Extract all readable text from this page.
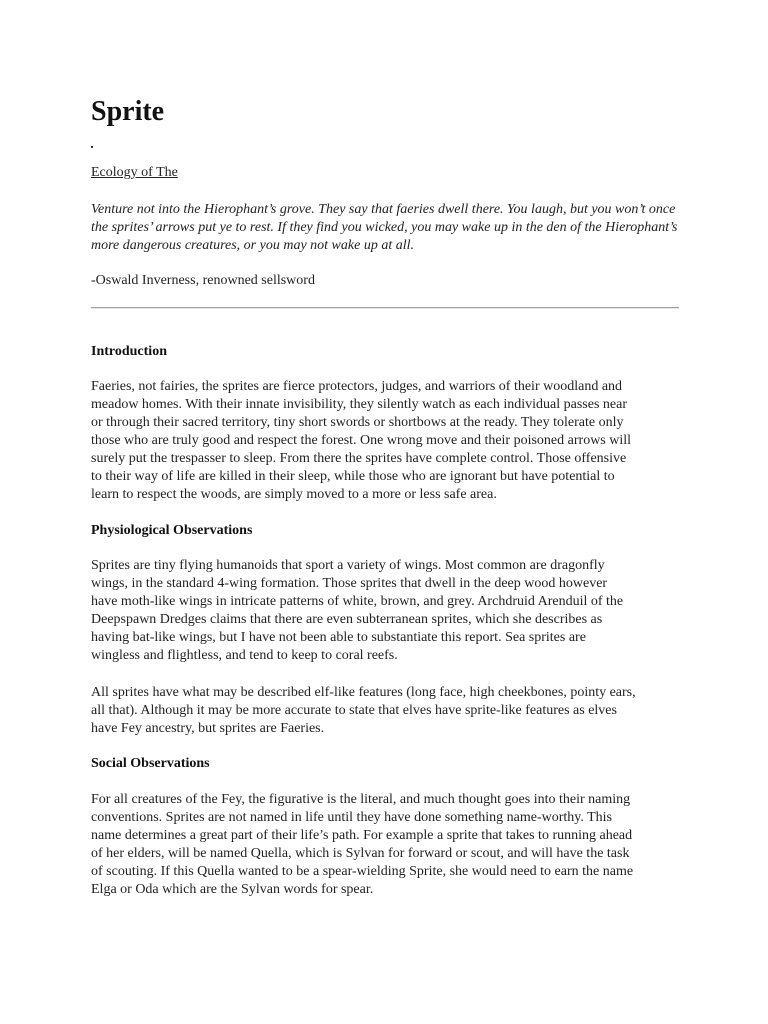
Sprite
Ecology of The

Venture not into the Hierophant’s grove. They say that faeries dwell there. You laugh, but you won’t once the sprites’ arrows put ye to rest. If they find you wicked, you may wake up in the den of the Hierophant’s more dangerous creatures, or you may not wake up at all.

-Oswald Inverness, renowned sellsword

Introduction

Faeries, not fairies, the sprites are fierce protectors, judges, and warriors of their woodland and
meadow homes. With their innate invisibility, they silently watch as each individual passes near
or through their sacred territory, tiny short swords or shortbows at the ready. They tolerate only
those who are truly good and respect the forest. One wrong move and their poisoned arrows will
surely put the trespasser to sleep. From there the sprites have complete control. Those offensive
to their way of life are killed in their sleep, while those who are ignorant but have potential to
learn to respect the woods, are simply moved to a more or less safe area.

Physiological Observations

Sprites are tiny flying humanoids that sport a variety of wings. Most common are dragonfly
wings, in the standard 4-wing formation. Those sprites that dwell in the deep wood however
have moth-like wings in intricate patterns of white, brown, and grey. Archdruid Arenduil of the
Deepspawn Dredges claims that there are even subterranean sprites, which she describes as
having bat-like wings, but I have not been able to substantiate this report. Sea sprites are
wingless and flightless, and tend to keep to coral reefs.

All sprites have what may be described elf-like features (long face, high cheekbones, pointy ears,
all that). Although it may be more accurate to state that elves have sprite-like features as elves
have Fey ancestry, but sprites are Faeries.

Social Observations

For all creatures of the Fey, the figurative is the literal, and much thought goes into their naming
conventions. Sprites are not named in life until they have done something name-worthy. This
name determines a great part of their life’s path. For example a sprite that takes to running ahead
of her elders, will be named Quella, which is Sylvan for forward or scout, and will have the task
of scouting. If this Quella wanted to be a spear-wielding Sprite, she would need to earn the name
Elga or Oda which are the Sylvan words for spear.
